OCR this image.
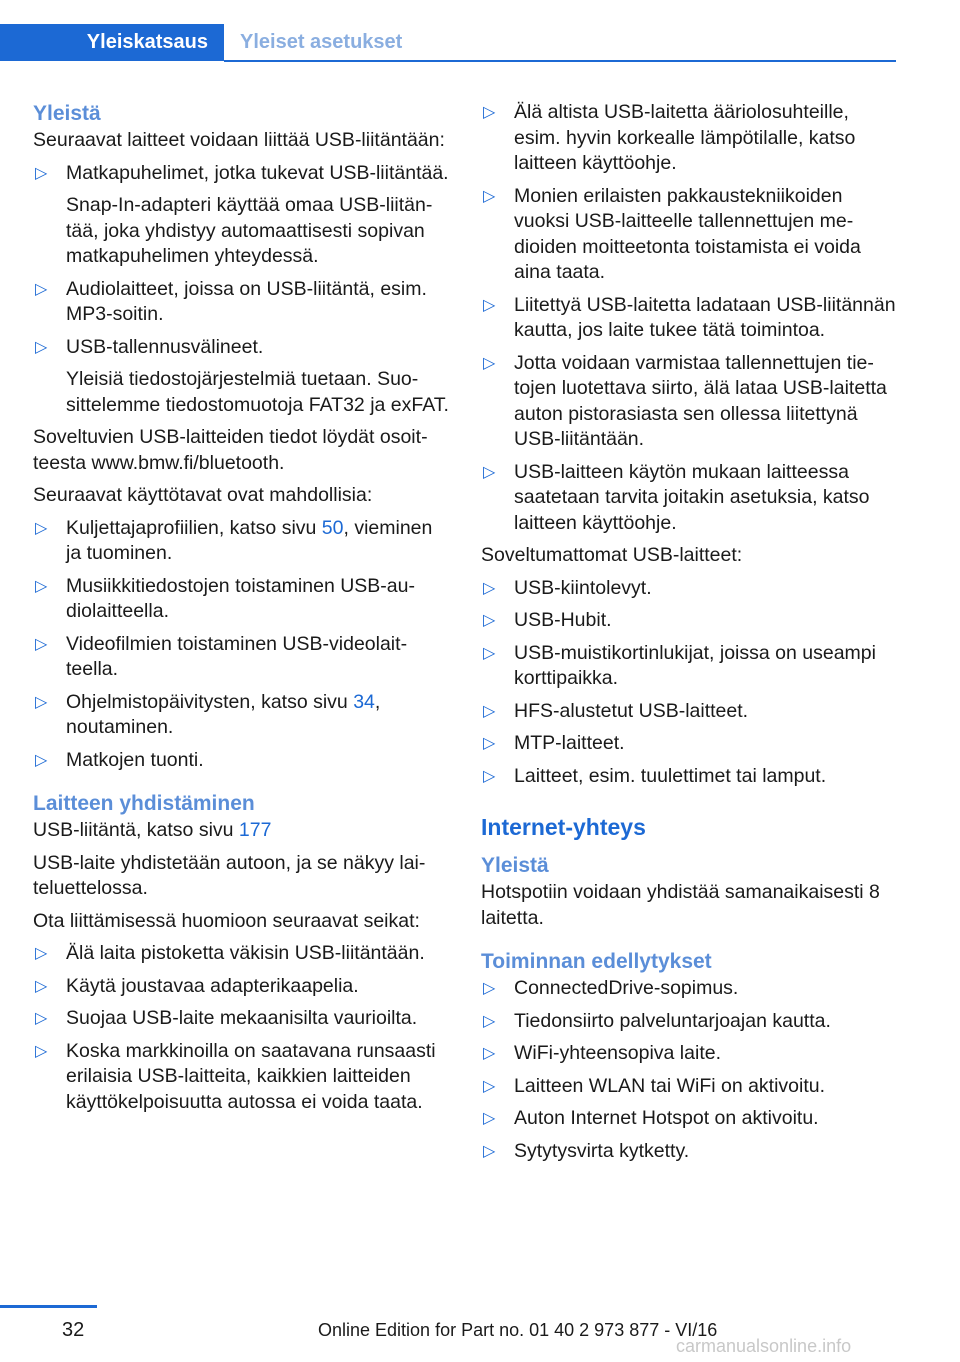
Yleiskatsaus Yleiset asetukset
Yleistä

Seuraavat laitteet voidaan liittää USB-liitäntään:

▷ Matkapuhelimet, jotka tukevat USB-liitäntää.
Snap-In-adapteri käyttää omaa USB-liitäntää, joka yhdistyy automaattisesti sopivan matkapuhelimen yhteydessä.
▷ Audiolaitteet, joissa on USB-liitäntä, esim. MP3-soitin.
▷ USB-tallennusvälineet.
Yleisiä tiedostojärjestelmiä tuetaan. Suosittelemme tiedostomuotoja FAT32 ja exFAT.

Soveltuvien USB-laitteiden tiedot löydät osoitteesta www.bmw.fi/bluetooth.

Seuraavat käyttötavat ovat mahdollisia:

▷ Kuljettajaprofiilien, katso sivu 50, vieminen ja tuominen.
▷ Musiikkitiedostojen toistaminen USB-audiolaitteella.
▷ Videofilmien toistaminen USB-videolaitteella.
▷ Ohjelmistopäivitysten, katso sivu 34, noutaminen.
▷ Matkojen tuonti.
Laitteen yhdistäminen

USB-liitäntä, katso sivu 177

USB-laite yhdistetään autoon, ja se näkyy laiteluettelossa.

Ota liittämisessä huomioon seuraavat seikat:

▷ Älä laita pistoketta väkisin USB-liitäntään.
▷ Käytä joustavaa adapterikaapelia.
▷ Suojaa USB-laite mekaanisilta vaurioilta.
▷ Koska markkinoilla on saatavana runsaasti erilaisia USB-laitteita, kaikkien laitteiden käyttökelpoisuutta autossa ei voida taata.
▷ Älä altista USB-laitetta ääriolosuhteille, esim. hyvin korkealle lämpötilalle, katso laitteen käyttöohje.
▷ Monien erilaisten pakkaustekniikoiden vuoksi USB-laitteelle tallennettujen medioiden moitteetonta toistamista ei voida aina taata.
▷ Liitettyä USB-laitetta ladataan USB-liitännän kautta, jos laite tukee tätä toimintoa.
▷ Jotta voidaan varmistaa tallennettujen tietojen luotettava siirto, älä lataa USB-laitetta auton pistorasiasta sen ollessa liitettynä USB-liitäntään.
▷ USB-laitteen käytön mukaan laitteessa saatetaan tarvita joitakin asetuksia, katso laitteen käyttöohje.

Soveltumattomat USB-laitteet:

▷ USB-kiintolevyt.
▷ USB-Hubit.
▷ USB-muistikortinlukijat, joissa on useampi korttipaikka.
▷ HFS-alustetut USB-laitteet.
▷ MTP-laitteet.
▷ Laitteet, esim. tuulettimet tai lamput.
Internet-yhteys
Yleistä

Hotspotiin voidaan yhdistää samanaikaisesti 8 laitetta.

Toiminnan edellytykset
▷ ConnectedDrive-sopimus.
▷ Tiedonsiirto palveluntarjoajan kautta.
▷ WiFi-yhteensopiva laite.
▷ Laitteen WLAN tai WiFi on aktivoitu.
▷ Auton Internet Hotspot on aktivoitu.
▷ Sytytysvirta kytketty.
32	Online Edition for Part no. 01 40 2 973 877 - VI/16
carmanualsonline.info
